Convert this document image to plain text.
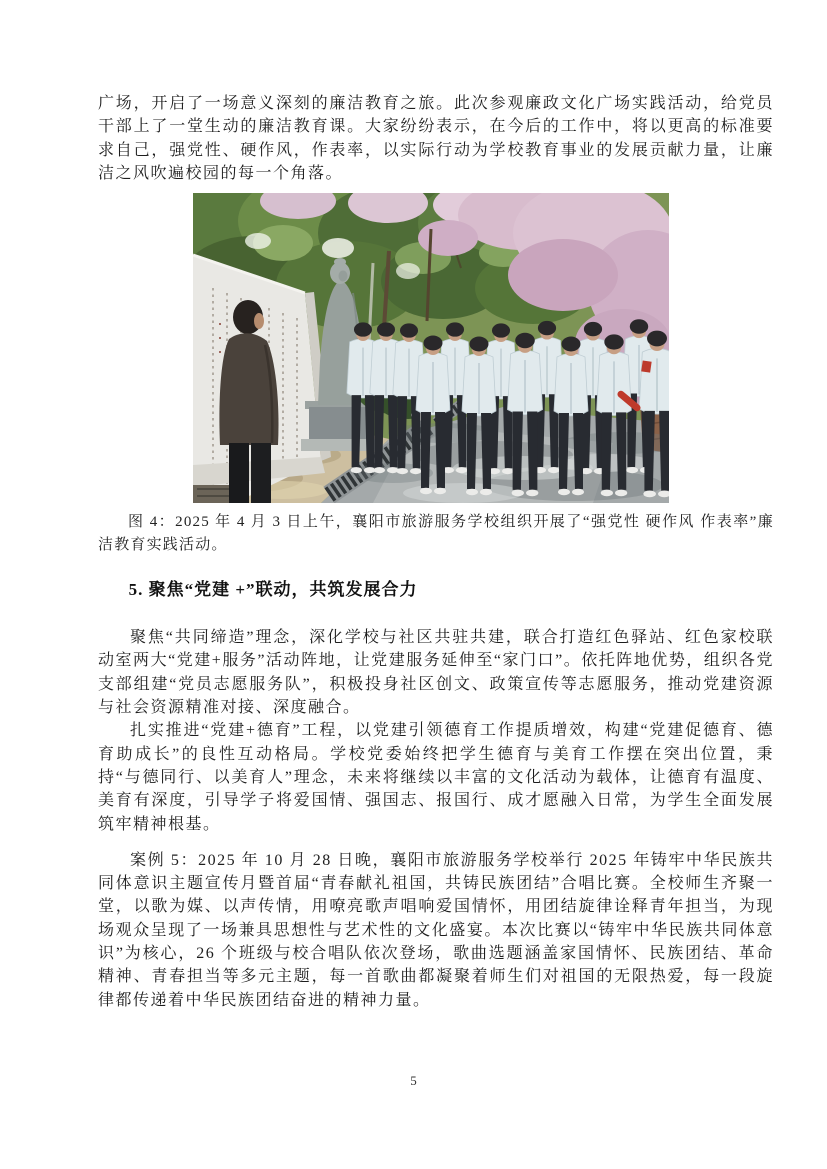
广场，开启了一场意义深刻的廉洁教育之旅。此次参观廉政文化广场实践活动，给党员干部上了一堂生动的廉洁教育课。大家纷纷表示，在今后的工作中，将以更高的标准要求自己，强党性、硬作风，作表率，以实际行动为学校教育事业的发展贡献力量，让廉洁之风吹遍校园的每一个角落。

图 4：2025 年 4 月 3 日上午，襄阳市旅游服务学校组织开展了“强党性 硬作风 作表率”廉洁教育实践活动。

5. 聚焦“党建 +”联动，共筑发展合力

聚焦“共同缔造”理念，深化学校与社区共驻共建，联合打造红色驿站、红色家校联动室两大“党建+服务”活动阵地，让党建服务延伸至“家门口”。依托阵地优势，组织各党支部组建“党员志愿服务队”，积极投身社区创文、政策宣传等志愿服务，推动党建资源与社会资源精准对接、深度融合。

扎实推进“党建+德育”工程，以党建引领德育工作提质增效，构建“党建促德育、德育助成长”的良性互动格局。学校党委始终把学生德育与美育工作摆在突出位置，秉持“与德同行、以美育人”理念，未来将继续以丰富的文化活动为载体，让德育有温度、美育有深度，引导学子将爱国情、强国志、报国行、成才愿融入日常，为学生全面发展筑牢精神根基。

案例 5：2025 年 10 月 28 日晚，襄阳市旅游服务学校举行 2025 年铸牢中华民族共同体意识主题宣传月暨首届“青春献礼祖国，共铸民族团结”合唱比赛。全校师生齐聚一堂，以歌为媒、以声传情，用嘹亮歌声唱响爱国情怀，用团结旋律诠释青年担当，为现场观众呈现了一场兼具思想性与艺术性的文化盛宴。本次比赛以“铸牢中华民族共同体意识”为核心，26 个班级与校合唱队依次登场，歌曲选题涵盖家国情怀、民族团结、革命精神、青春担当等多元主题，每一首歌曲都凝聚着师生们对祖国的无限热爱，每一段旋律都传递着中华民族团结奋进的精神力量。

5
